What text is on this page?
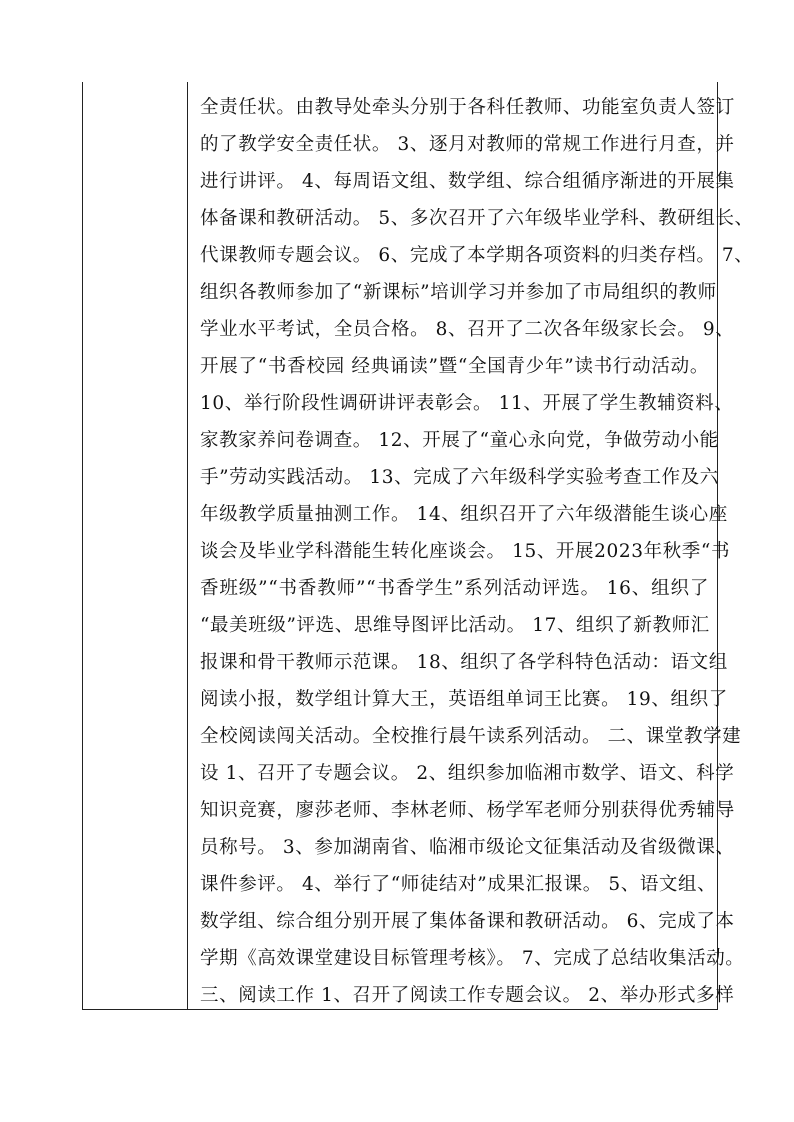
全责任状。由教导处牵头分别于各科任教师、功能室负责人签订
的了教学安全责任状。 3、逐月对教师的常规工作进行月查，并
进行讲评。 4、每周语文组、数学组、综合组循序渐进的开展集
体备课和教研活动。 5、多次召开了六年级毕业学科、教研组长、
代课教师专题会议。 6、完成了本学期各项资料的归类存档。 7、
组织各教师参加了“新课标”培训学习并参加了市局组织的教师
学业水平考试，全员合格。 8、召开了二次各年级家长会。 9、
开展了“书香校园 经典诵读”暨“全国青少年”读书行动活动。
10、举行阶段性调研讲评表彰会。 11、开展了学生教辅资料、
家教家养问卷调查。 12、开展了“童心永向党，争做劳动小能
手”劳动实践活动。 13、完成了六年级科学实验考查工作及六
年级教学质量抽测工作。 14、组织召开了六年级潜能生谈心座
谈会及毕业学科潜能生转化座谈会。 15、开展2023年秋季“书
香班级”“书香教师”“书香学生”系列活动评选。 16、组织了
“最美班级”评选、思维导图评比活动。 17、组织了新教师汇
报课和骨干教师示范课。 18、组织了各学科特色活动：语文组
阅读小报，数学组计算大王，英语组单词王比赛。 19、组织了
全校阅读闯关活动。全校推行晨午读系列活动。 二、课堂教学建
设 1、召开了专题会议。 2、组织参加临湘市数学、语文、科学
知识竞赛，廖莎老师、李林老师、杨学军老师分别获得优秀辅导
员称号。 3、参加湖南省、临湘市级论文征集活动及省级微课、
课件参评。 4、举行了“师徒结对”成果汇报课。 5、语文组、
数学组、综合组分别开展了集体备课和教研活动。 6、完成了本
学期《高效课堂建设目标管理考核》。 7、完成了总结收集活动。
三、阅读工作 1、召开了阅读工作专题会议。 2、举办形式多样
